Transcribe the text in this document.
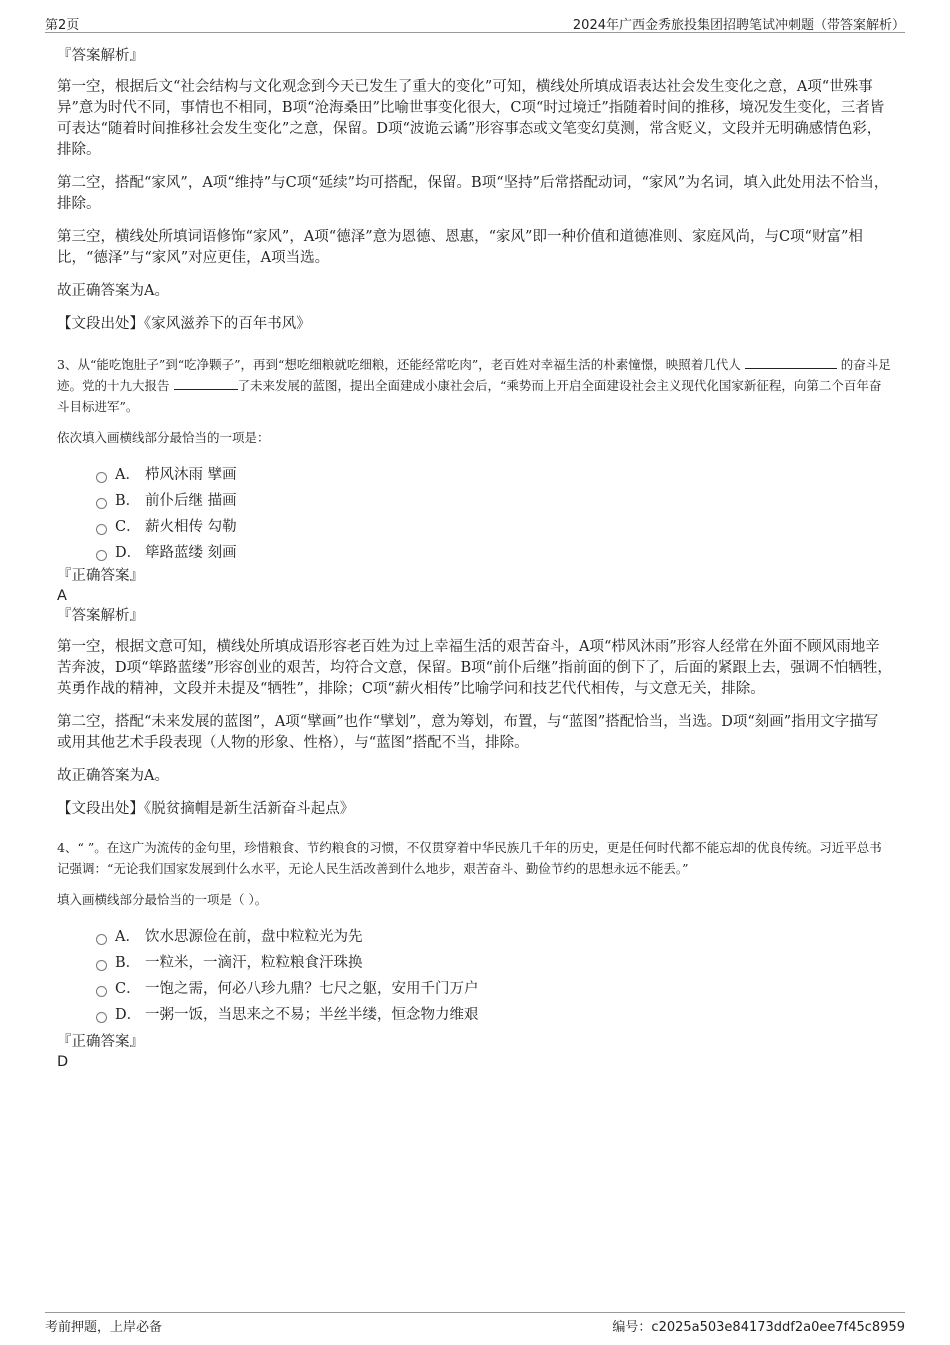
第2页	2024年广西金秀旅投集团招聘笔试冲刺题（带答案解析）

『答案解析』

第一空，根据后文“社会结构与文化观念到今天已发生了重大的变化”可知，横线处所填成语表达社会发生变化之意，A项“世殊事异”意为时代不同，事情也不相同，B项“沧海桑田”比喻世事变化很大，C项“时过境迁”指随着时间的推移，境况发生变化，三者皆可表达“随着时间推移社会发生变化”之意，保留。D项“波诡云谲”形容事态或文笔变幻莫测，常含贬义，文段并无明确感情色彩，排除。

第二空，搭配“家风”，A项“维持”与C项“延续”均可搭配，保留。B项“坚持”后常搭配动词，“家风”为名词，填入此处用法不恰当，排除。

第三空，横线处所填词语修饰“家风”，A项“德泽”意为恩德、恩惠，“家风”即一种价值和道德准则、家庭风尚，与C项“财富”相比，“德泽”与“家风”对应更佳，A项当选。

故正确答案为A。

【文段出处】《家风滋养下的百年书风》

3、从“能吃饱肚子”到“吃净颗子”，再到“想吃细粮就吃细粮，还能经常吃肉”，老百姓对幸福生活的朴素憧憬，映照着几代人	的奋斗足迹。党的十九大报告	了未来发展的蓝图，提出全面建成小康社会后，“乘势而上开启全面建设社会主义现代化国家新征程，向第二个百年奋斗目标进军”。

依次填入画横线部分最恰当的一项是：

A． 栉风沐雨 擘画
B． 前仆后继 描画
C． 薪火相传 勾勒
D． 筚路蓝缕 刻画

『正确答案』

A

『答案解析』

第一空，根据文意可知，横线处所填成语形容老百姓为过上幸福生活的艰苦奋斗，A项“栉风沐雨”形容人经常在外面不顾风雨地辛苦奔波，D项“筚路蓝缕”形容创业的艰苦，均符合文意，保留。B项“前仆后继”指前面的倒下了，后面的紧跟上去，强调不怕牺牲，英勇作战的精神，文段并未提及“牺牲”，排除；C项“薪火相传”比喻学问和技艺代代相传，与文意无关，排除。

第二空，搭配“未来发展的蓝图”，A项“擘画”也作“擘划”，意为筹划，布置，与“蓝图”搭配恰当，当选。D项“刻画”指用文字描写或用其他艺术手段表现（人物的形象、性格），与“蓝图”搭配不当，排除。

故正确答案为A。

【文段出处】《脱贫摘帽是新生活新奋斗起点》

4、“ ”。在这广为流传的金句里，珍惜粮食、节约粮食的习惯，不仅贯穿着中华民族几千年的历史，更是任何时代都不能忘却的优良传统。习近平总书记强调：“无论我们国家发展到什么水平，无论人民生活改善到什么地步，艰苦奋斗、勤俭节约的思想永远不能丢。”

填入画横线部分最恰当的一项是（ ）。

A． 饮水思源俭在前，盘中粒粒光为先
B． 一粒米，一滴汗，粒粒粮食汗珠换
C． 一饱之需，何必八珍九鼎？七尺之躯，安用千门万户
D． 一粥一饭，当思来之不易；半丝半缕，恒念物力维艰

『正确答案』

D

考前押题，上岸必备	编号：c2025a503e84173ddf2a0ee7f45c8959
